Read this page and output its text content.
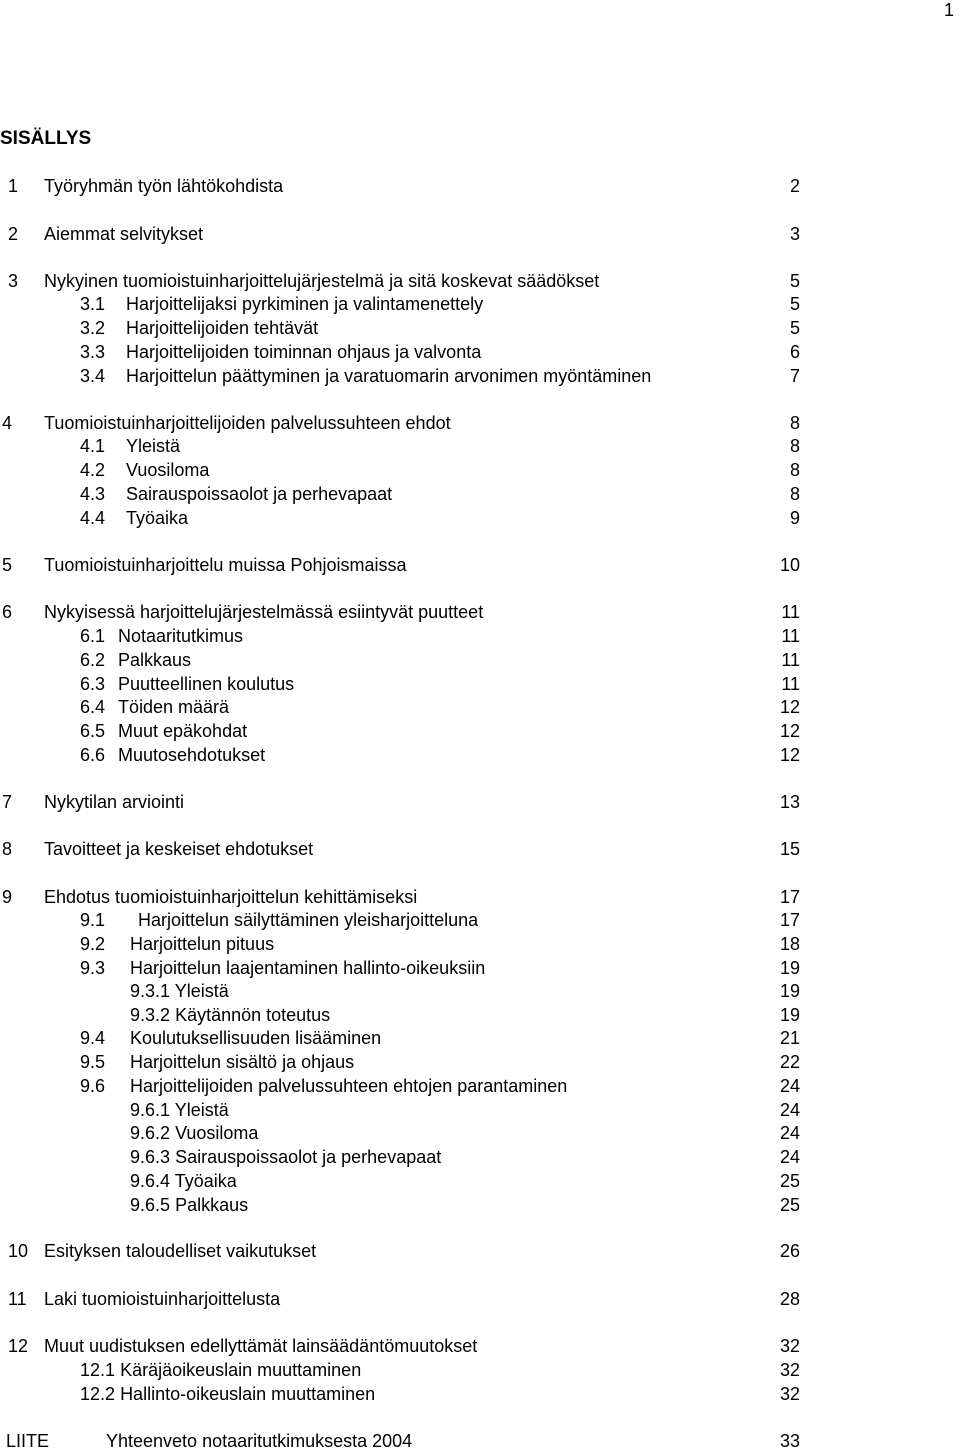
1
SISÄLLYS
1 Työryhmän työn lähtökohdista	2
2 Aiemmat selvitykset	3
3 Nykyinen tuomioistuinharjoittelujärjestelmä ja sitä koskevat säädökset	5
3.1 Harjoittelijaksi pyrkiminen ja valintamenettely	5
3.2 Harjoittelijoiden tehtävät	5
3.3 Harjoittelijoiden toiminnan ohjaus ja valvonta	6
3.4 Harjoittelun päättyminen ja varatuomarin arvonimen myöntäminen	7
4 Tuomioistuinharjoittelijoiden palvelussuhteen ehdot	8
4.1 Yleistä	8
4.2 Vuosiloma	8
4.3 Sairauspoissaolot ja perhevapaat	8
4.4 Työaika	9
5 Tuomioistuinharjoittelu muissa Pohjoismaissa	10
6 Nykyisessä harjoittelujärjestelmässä esiintyvät puutteet	11
6.1 Notaaritutkimus	11
6.2 Palkkaus	11
6.3 Puutteellinen koulutus	11
6.4 Töiden määrä	12
6.5 Muut epäkohdat	12
6.6 Muutosehdotukset	12
7 Nykytilan arviointi	13
8 Tavoitteet ja keskeiset ehdotukset	15
9 Ehdotus tuomioistuinharjoittelun kehittämiseksi	17
9.1 Harjoittelun säilyttäminen yleisharjoitteluna	17
9.2 Harjoittelun pituus	18
9.3 Harjoittelun laajentaminen hallinto-oikeuksiin	19
9.3.1 Yleistä	19
9.3.2 Käytännön toteutus	19
9.4 Koulutuksellisuuden lisääminen	21
9.5 Harjoittelun sisältö ja ohjaus	22
9.6 Harjoittelijoiden palvelussuhteen ehtojen parantaminen	24
9.6.1 Yleistä	24
9.6.2 Vuosiloma	24
9.6.3 Sairauspoissaolot ja perhevapaat	24
9.6.4 Työaika	25
9.6.5 Palkkaus	25
10 Esityksen taloudelliset vaikutukset	26
11 Laki tuomioistuinharjoittelusta	28
12 Muut uudistuksen edellyttämät lainsäädäntömuutokset	32
12.1 Käräjäoikeuslain muuttaminen	32
12.2 Hallinto-oikeuslain muuttaminen	32
LIITE	Yhteenveto notaaritutkimuksesta 2004	33
